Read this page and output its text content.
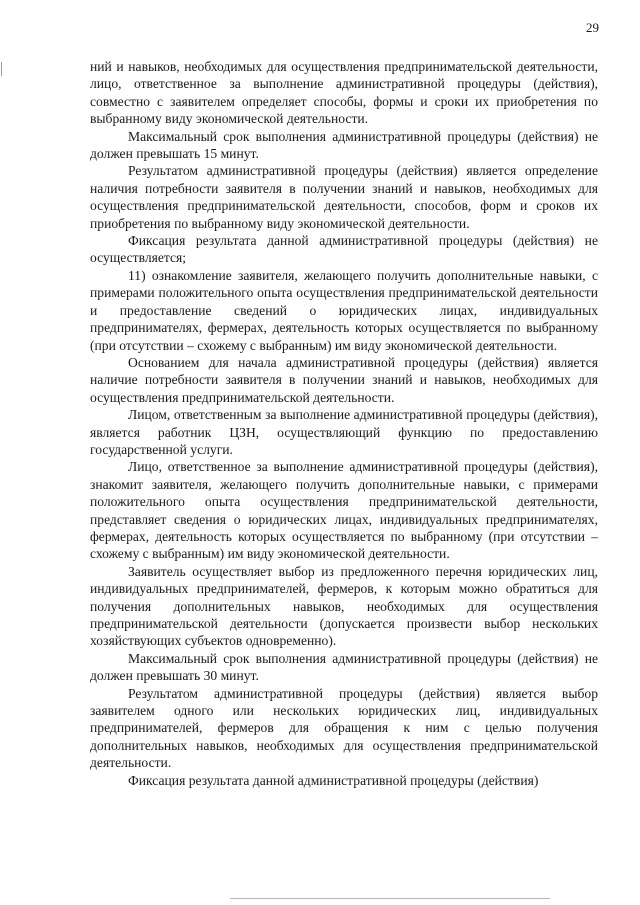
29

ний и навыков, необходимых для осуществления предпринимательской деятельности, лицо, ответственное за выполнение административной процедуры (действия), совместно с заявителем определяет способы, формы и сроки их приобретения по выбранному виду экономической деятельности.

Максимальный срок выполнения административной процедуры (действия) не должен превышать 15 минут.

Результатом административной процедуры (действия) является определение наличия потребности заявителя в получении знаний и навыков, необходимых для осуществления предпринимательской деятельности, способов, форм и сроков их приобретения по выбранному виду экономической деятельности.

Фиксация результата данной административной процедуры (действия) не осуществляется;

11) ознакомление заявителя, желающего получить дополнительные навыки, с примерами положительного опыта осуществления предпринимательской деятельности и предоставление сведений о юридических лицах, индивидуальных предпринимателях, фермерах, деятельность которых осуществляется по выбранному (при отсутствии – схожему с выбранным) им виду экономической деятельности.

Основанием для начала административной процедуры (действия) является наличие потребности заявителя в получении знаний и навыков, необходимых для осуществления предпринимательской деятельности.

Лицом, ответственным за выполнение административной процедуры (действия), является работник ЦЗН, осуществляющий функцию по предоставлению государственной услуги.

Лицо, ответственное за выполнение административной процедуры (действия), знакомит заявителя, желающего получить дополнительные навыки, с примерами положительного опыта осуществления предпринимательской деятельности, представляет сведения о юридических лицах, индивидуальных предпринимателях, фермерах, деятельность которых осуществляется по выбранному (при отсутствии – схожему с выбранным) им виду экономической деятельности.

Заявитель осуществляет выбор из предложенного перечня юридических лиц, индивидуальных предпринимателей, фермеров, к которым можно обратиться для получения дополнительных навыков, необходимых для осуществления предпринимательской деятельности (допускается произвести выбор нескольких хозяйствующих субъектов одновременно).

Максимальный срок выполнения административной процедуры (действия) не должен превышать 30 минут.

Результатом административной процедуры (действия) является выбор заявителем одного или нескольких юридических лиц, индивидуальных предпринимателей, фермеров для обращения к ним с целью получения дополнительных навыков, необходимых для осуществления предпринимательской деятельности.

Фиксация результата данной административной процедуры (действия)
